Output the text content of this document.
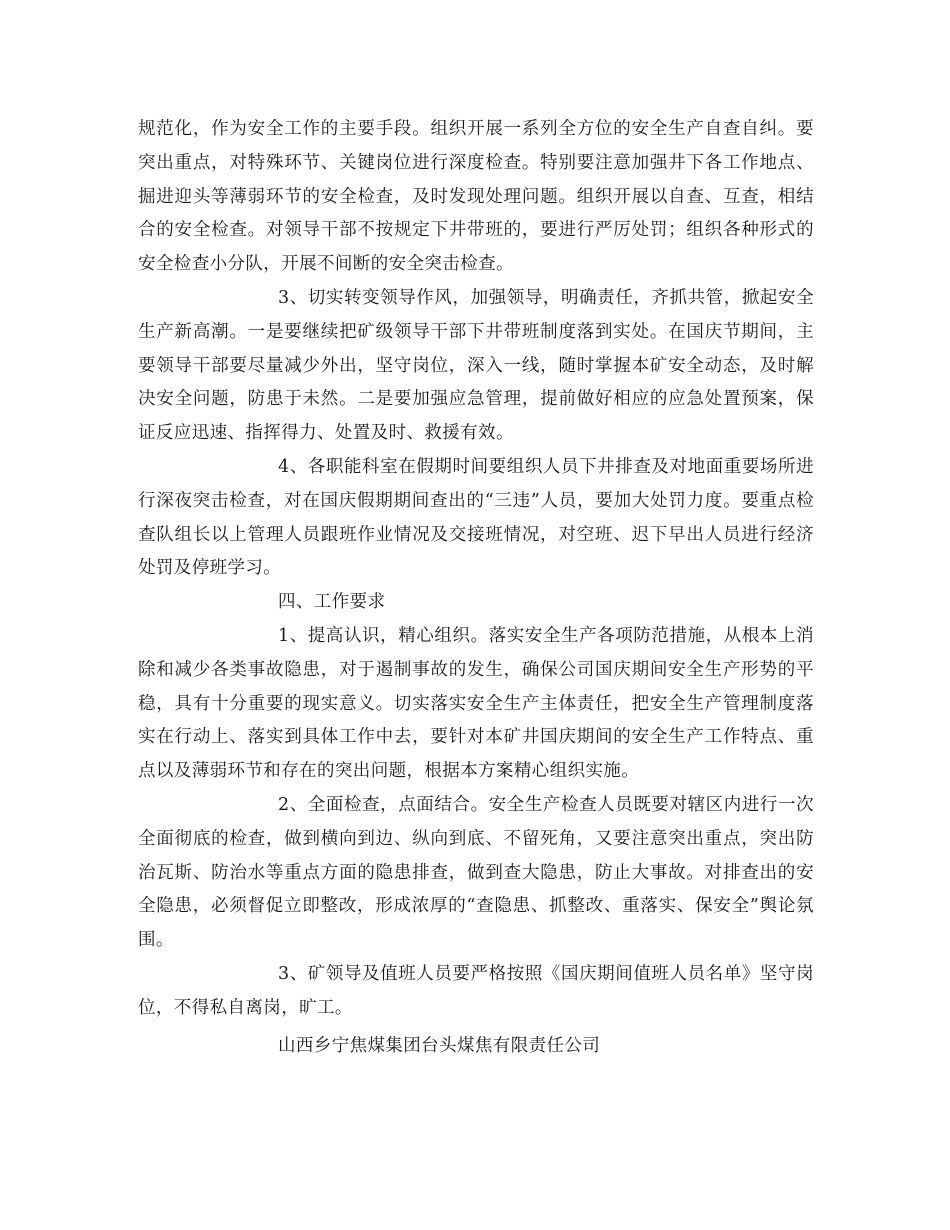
规范化，作为安全工作的主要手段。组织开展一系列全方位的安全生产自查自纠。要突出重点，对特殊环节、关键岗位进行深度检查。特别要注意加强井下各工作地点、掘进迎头等薄弱环节的安全检查，及时发现处理问题。组织开展以自查、互查，相结合的安全检查。对领导干部不按规定下井带班的，要进行严厉处罚；组织各种形式的安全检查小分队，开展不间断的安全突击检查。

3、切实转变领导作风，加强领导，明确责任，齐抓共管，掀起安全生产新高潮。一是要继续把矿级领导干部下井带班制度落到实处。在国庆节期间，主要领导干部要尽量减少外出，坚守岗位，深入一线，随时掌握本矿安全动态，及时解决安全问题，防患于未然。二是要加强应急管理，提前做好相应的应急处置预案，保证反应迅速、指挥得力、处置及时、救援有效。

4、各职能科室在假期时间要组织人员下井排查及对地面重要场所进行深夜突击检查，对在国庆假期期间查出的“三违”人员，要加大处罚力度。要重点检查队组长以上管理人员跟班作业情况及交接班情况，对空班、迟下早出人员进行经济处罚及停班学习。

四、工作要求

1、提高认识，精心组织。落实安全生产各项防范措施，从根本上消除和减少各类事故隐患，对于遏制事故的发生，确保公司国庆期间安全生产形势的平稳，具有十分重要的现实意义。切实落实安全生产主体责任，把安全生产管理制度落实在行动上、落实到具体工作中去，要针对本矿井国庆期间的安全生产工作特点、重点以及薄弱环节和存在的突出问题，根据本方案精心组织实施。

2、全面检查，点面结合。安全生产检查人员既要对辖区内进行一次全面彻底的检查，做到横向到边、纵向到底、不留死角，又要注意突出重点，突出防治瓦斯、防治水等重点方面的隐患排查，做到查大隐患，防止大事故。对排查出的安全隐患，必须督促立即整改，形成浓厚的“查隐患、抓整改、重落实、保安全”舆论氛围。

3、矿领导及值班人员要严格按照《国庆期间值班人员名单》坚守岗位，不得私自离岗，旷工。

山西乡宁焦煤集团台头煤焦有限责任公司
